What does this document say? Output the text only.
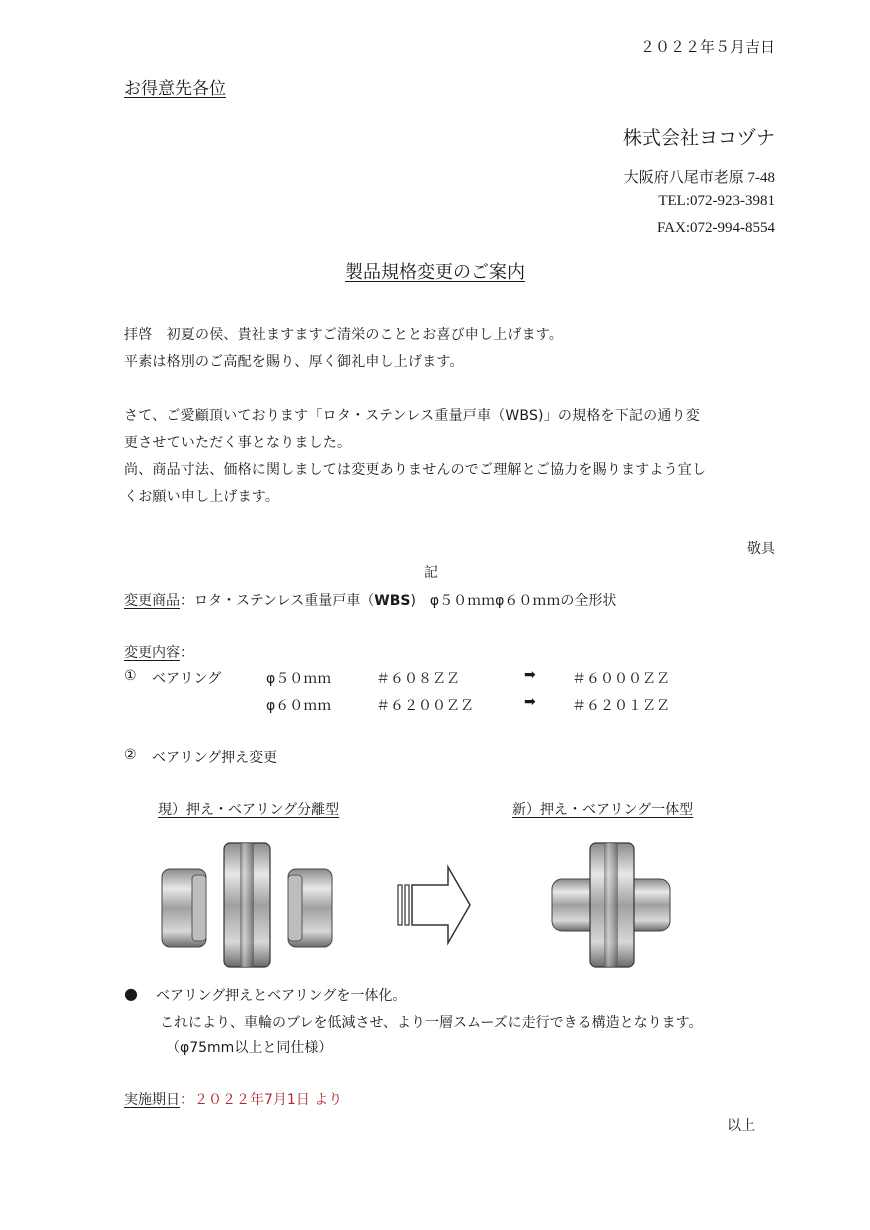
２０２２年５月吉日
お得意先各位
株式会社ヨコヅナ
大阪府八尾市老原 7-48
TEL:072-923-3981
FAX:072-994-8554
製品規格変更のご案内
拝啓　初夏の侯、貴社ますますご清栄のこととお喜び申し上げます。
平素は格別のご高配を賜り、厚く御礼申し上げます。
さて、ご愛顧頂いております「ロタ・ステンレス重量戸車（WBS)」の規格を下記の通り変
更させていただく事となりました。
尚、商品寸法、価格に関しましては変更ありませんのでご理解とご協力を賜りますよう宜し
くお願い申し上げます。
敬具
記
変更商品：ロタ・ステンレス重量戸車（WBS)　φ５０ｍｍφ６０ｍｍの全形状
変更内容：
① ベアリング	φ５０ｍｍ	＃６０８ＺＺ	➡	＃６０００ＺＺ
φ６０ｍｍ	＃６２００ＺＺ	➡	＃６２０１ＺＺ
② ベアリング押え変更
現）押え・ベアリング分離型	新）押え・ベアリング一体型
● ベアリング押えとベアリングを一体化。
これにより、車輪のブレを低減させ、より一層スムーズに走行できる構造となります。
（φ75mm以上と同仕様）
実施期日：２０２２年7月1日 より
以上
